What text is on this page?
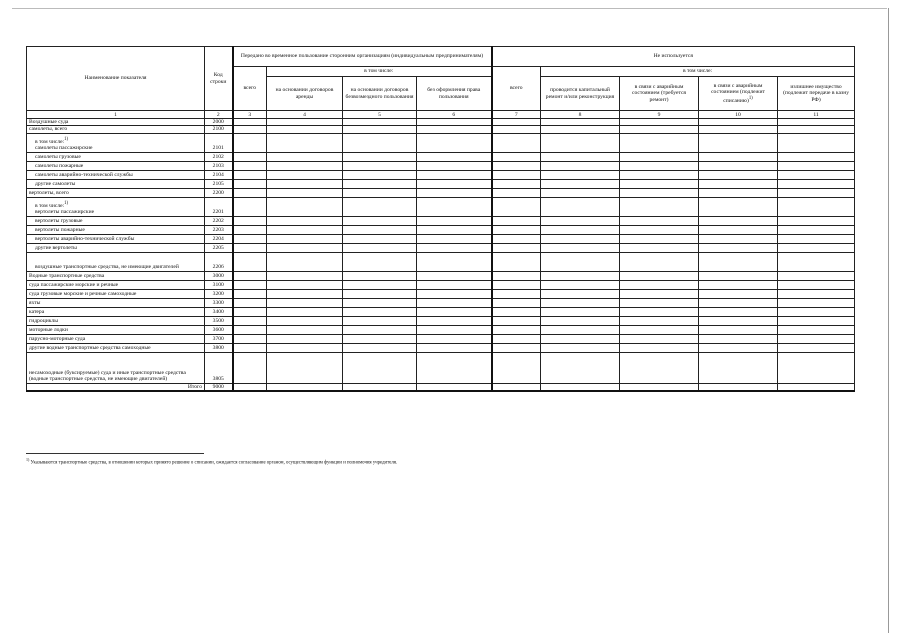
Наименование показателя	Код строки	Передано во временное пользование сторонним организациям (индивидуальным предпринимателям)				Не используется				
		всего	в том числе:			всего	в том числе:			
			на основании договоров аренды	на основании договоров безвозмездного пользования	без оформления права пользования		проводится капитальный ремонт и/или реконструкция	в связи с аварийным состоянием (требуется ремонт)	в связи с аварийным состоянием (подлежит списанию)$^{1)}$	излишнее имущество (подлежит передаче в казну РФ)
1	2	3	4	5	6	7	8	9	10	11
Воздушные суда	2000									
самолеты, всего	2100									
в том числе:$^{1)}$
самолеты пассажирские	2101									
самолеты грузовые	2102									
самолеты пожарные	2103									
самолеты аварийно-технической службы	2104									
другие самолеты	2105									
вертолеты, всего	2200									
в том числе:$^{1)}$
вертолеты пассажирские	2201									
вертолеты грузовые	2202									
вертолеты пожарные	2203									
вертолеты аварийно-технической службы	2204									
другие вертолеты	2205									
воздушные транспортные средства, не имеющие двигателей	2206									
Водные транспортные средства	3000									
суда пассажирские морские и речные	3100									
суда грузовые морские и речные самоходные	3200									
яхты	3300									
катера	3400									
гидроциклы	3500									
моторные лодки	3600									
парусно-моторные суда	3700									
другие водные транспортные средства самоходные	3800									
несамоходные (буксируемые) суда и иные транспортные средства (водные транспортные средства, не имеющие двигателей)	3805									
Итого	9000									
$^{1)}$ Указываются транспортные средства, в отношении которых принято решение о списании, ожидается согласование органом, осуществляющим функции и полномочия учредителя.
